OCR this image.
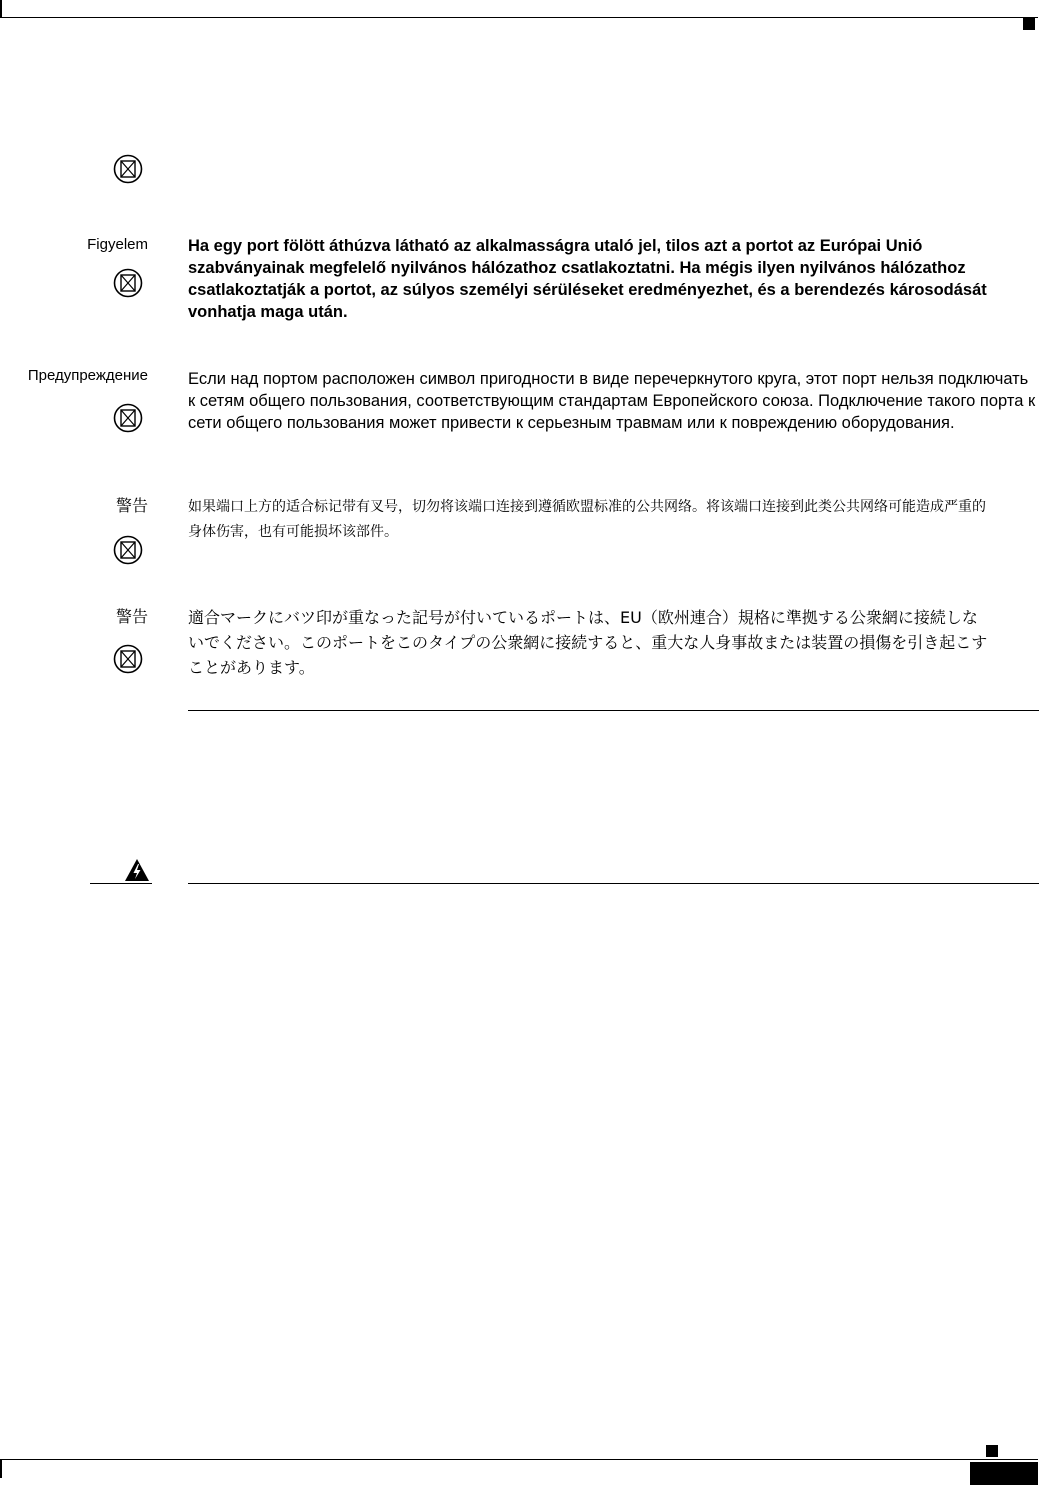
Figyelem Ha egy port fölött áthúzva látható az alkalmasságra utaló jel, tilos azt a portot az Európai Unió szabványainak megfelelő nyilvános hálózathoz csatlakoztatni. Ha mégis ilyen nyilvános hálózathoz csatlakoztatják a portot, az súlyos személyi sérüléseket eredményezhet, és a berendezés károsodását vonhatja maga után.
Предупреждение Если над портом расположен символ пригодности в виде перечеркнутого круга, этот порт нельзя подключать к сетям общего пользования, соответствующим стандартам Европейского союза. Подключение такого порта к сети общего пользования может привести к серьезным травмам или к повреждению оборудования.
警告	如果端口上方的适合标记带有叉号，切勿将该端口连接到遵循欧盟标准的公共网络。将该端口连接到此类公共网络可能造成严重的身体伤害，也有可能损坏该部件。
警告	適合マークにバツ印が重なった記号が付いているポートは、EU（欧州連合）規格に準拠する公衆網に接続しないでください。このポートをこのタイプの公衆網に接続すると、重大な人身事故または装置の損傷を引き起こすことがあります。
